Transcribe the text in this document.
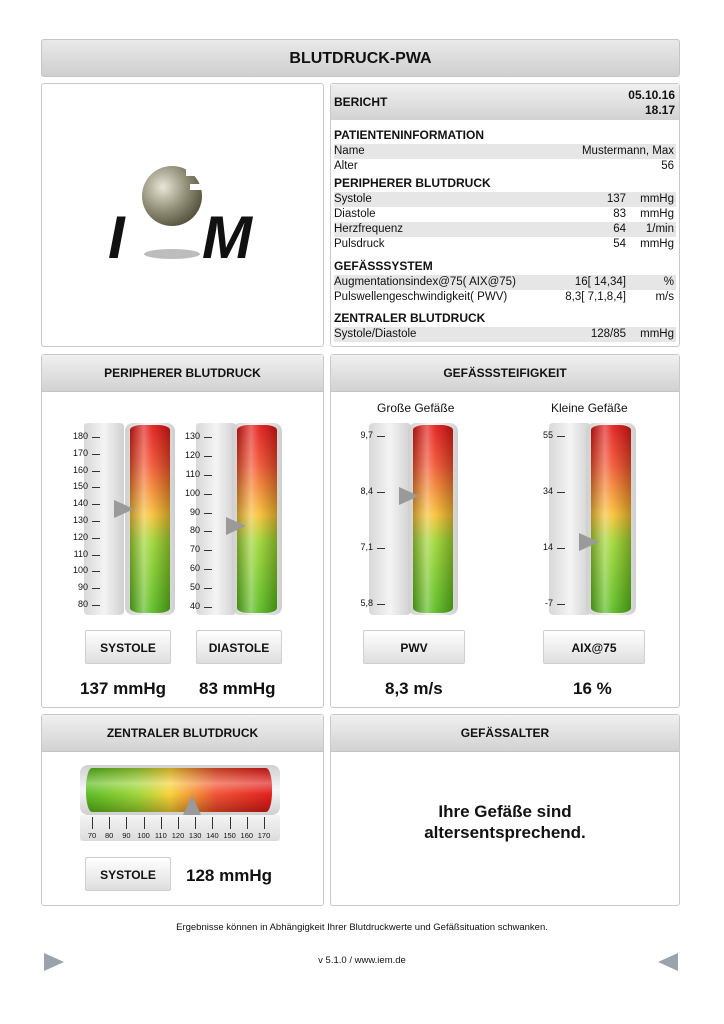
BLUTDRUCK-PWA
I M
BERICHT	05.10.16
18.17
PATIENTENINFORMATION
Name	Mustermann, Max
Alter	56
PERIPHERER BLUTDRUCK
Systole	137 mmHg
Diastole	83 mmHg
Herzfrequenz	64 1/min
Pulsdruck	54 mmHg
GEFÄSSSYSTEM
Augmentationsindex@75( AIX@75)	16[ 14,34]	%
Pulswellengeschwindigkeit( PWV)	8,3[ 7,1,8,4]	m/s
ZENTRALER BLUTDRUCK
Systole/Diastole	128/85 mmHg
PERIPHERER BLUTDRUCK
180
170
160
150
140
130
120
110
100
90
80
130
120
110
100
90
80
70
60
50
40
SYSTOLE	DIASTOLE
137 mmHg 83 mmHg
GEFÄSSSTEIFIGKEIT
Große Gefäße	Kleine Gefäße
9,7
8,4
7,1
5,8
55
34
14
-7
PWV	AIX@75
8,3 m/s	16 %
ZENTRALER BLUTDRUCK
70	80	90 100 110 120 130 140 150 160 170
SYSTOLE	128 mmHg
GEFÄSSALTER
Ihre Gefäße sind
altersentsprechend.
Ergebnisse können in Abhängigkeit Ihrer Blutdruckwerte und Gefäßsituation schwanken.
v 5.1.0 / www.iem.de
